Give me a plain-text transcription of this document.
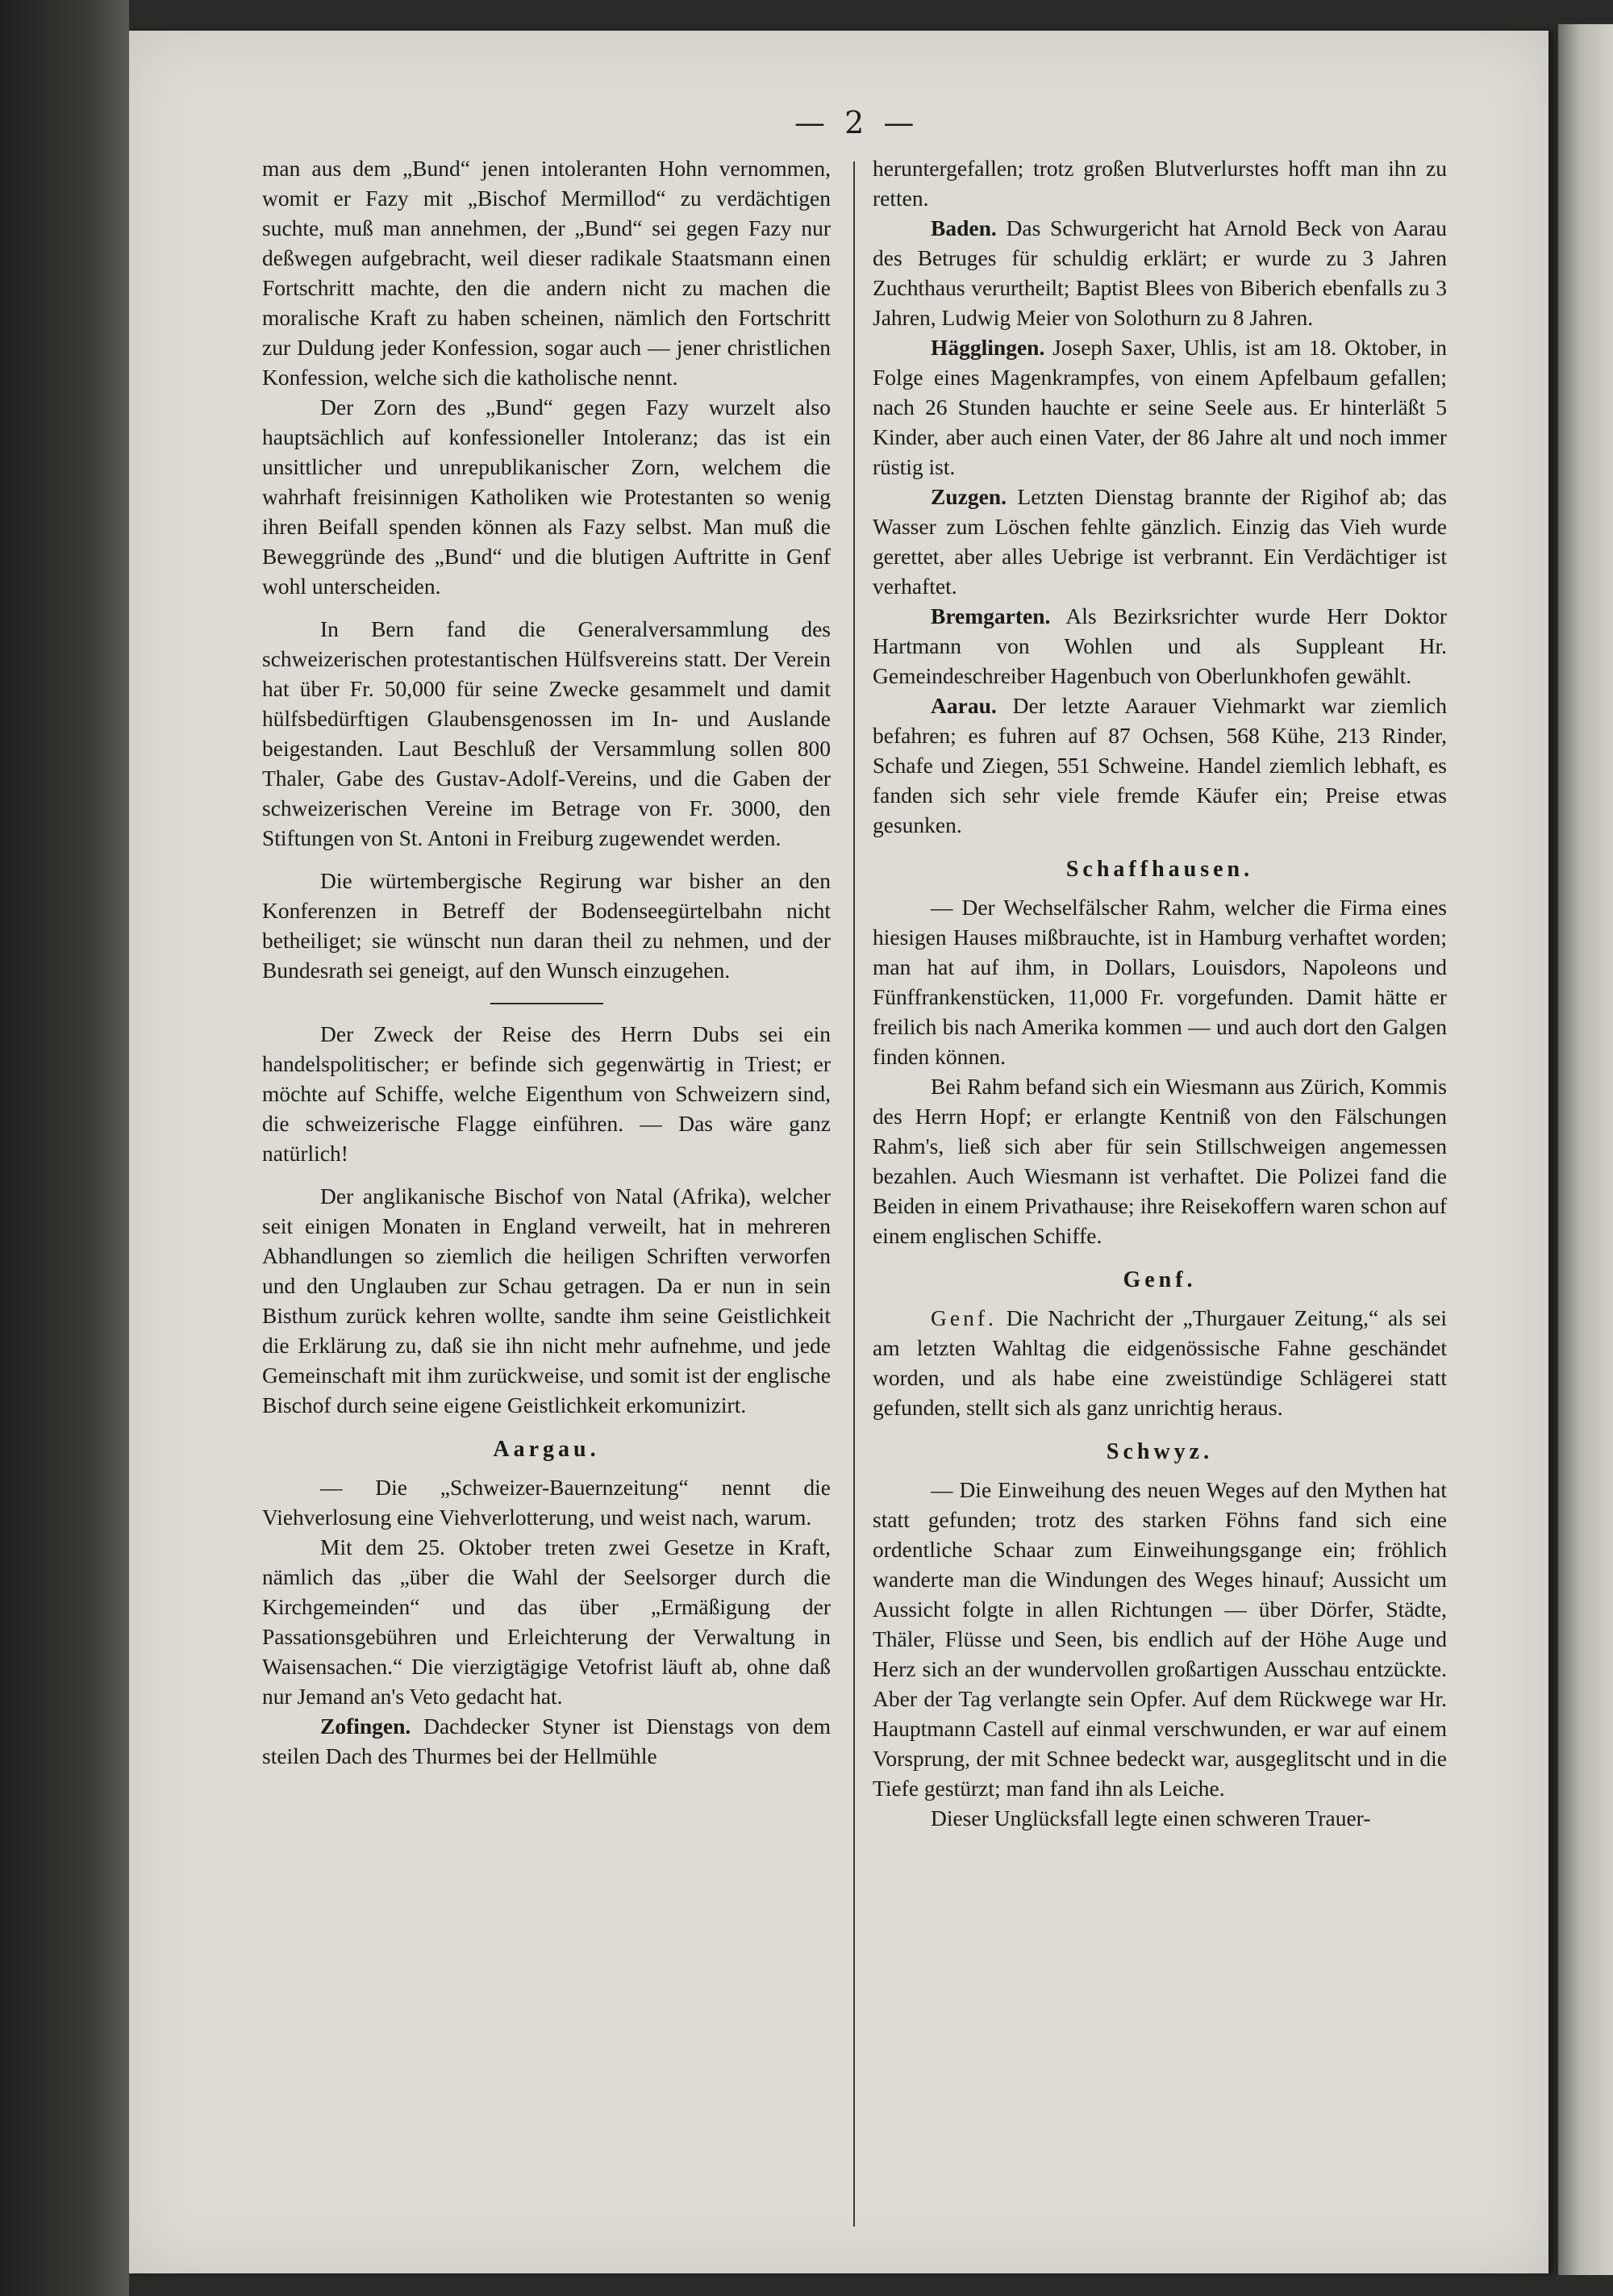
— 2 —

man aus dem „Bund“ jenen intoleranten Hohn vernommen, womit er Fazy mit „Bischof Mermillod“ zu verdächtigen suchte, muß man annehmen, der „Bund“ sei gegen Fazy nur deßwegen aufgebracht, weil dieser radikale Staatsmann einen Fortschritt machte, den die andern nicht zu machen die moralische Kraft zu haben scheinen, nämlich den Fortschritt zur Duldung jeder Konfession, sogar auch — jener christlichen Konfession, welche sich die katholische nennt.

Der Zorn des „Bund“ gegen Fazy wurzelt also hauptsächlich auf konfessioneller Intoleranz; das ist ein unsittlicher und unrepublikanischer Zorn, welchem die wahrhaft freisinnigen Katholiken wie Protestanten so wenig ihren Beifall spenden können als Fazy selbst. Man muß die Beweggründe des „Bund“ und die blutigen Auftritte in Genf wohl unterscheiden.

In Bern fand die Generalversammlung des schweizerischen protestantischen Hülfsvereins statt. Der Verein hat über Fr. 50,000 für seine Zwecke gesammelt und damit hülfsbedürftigen Glaubensgenossen im In- und Auslande beigestanden. Laut Beschluß der Versammlung sollen 800 Thaler, Gabe des Gustav-Adolf-Vereins, und die Gaben der schweizerischen Vereine im Betrage von Fr. 3000, den Stiftungen von St. Antoni in Freiburg zugewendet werden.

Die würtembergische Regirung war bisher an den Konferenzen in Betreff der Bodenseegürtelbahn nicht betheiliget; sie wünscht nun daran theil zu nehmen, und der Bundesrath sei geneigt, auf den Wunsch einzugehen.

Der Zweck der Reise des Herrn Dubs sei ein handelspolitischer; er befinde sich gegenwärtig in Triest; er möchte auf Schiffe, welche Eigenthum von Schweizern sind, die schweizerische Flagge einführen. — Das wäre ganz natürlich!

Der anglikanische Bischof von Natal (Afrika), welcher seit einigen Monaten in England verweilt, hat in mehreren Abhandlungen so ziemlich die heiligen Schriften verworfen und den Unglauben zur Schau getragen. Da er nun in sein Bisthum zurück kehren wollte, sandte ihm seine Geistlichkeit die Erklärung zu, daß sie ihn nicht mehr aufnehme, und jede Gemeinschaft mit ihm zurückweise, und somit ist der englische Bischof durch seine eigene Geistlichkeit erkomunizirt.

Aargau.

— Die „Schweizer-Bauernzeitung“ nennt die Viehverlosung eine Viehverlotterung, und weist nach, warum.

Mit dem 25. Oktober treten zwei Gesetze in Kraft, nämlich das „über die Wahl der Seelsorger durch die Kirchgemeinden“ und das über „Ermäßigung der Passationsgebühren und Erleichterung der Verwaltung in Waisensachen.“ Die vierzigtägige Vetofrist läuft ab, ohne daß nur Jemand an's Veto gedacht hat.

Zofingen. Dachdecker Styner ist Dienstags von dem steilen Dach des Thurmes bei der Hellmühle

heruntergefallen; trotz großen Blutverlurstes hofft man ihn zu retten.

Baden. Das Schwurgericht hat Arnold Beck von Aarau des Betruges für schuldig erklärt; er wurde zu 3 Jahren Zuchthaus verurtheilt; Baptist Blees von Biberich ebenfalls zu 3 Jahren, Ludwig Meier von Solothurn zu 8 Jahren.

Hägglingen. Joseph Saxer, Uhlis, ist am 18. Oktober, in Folge eines Magenkrampfes, von einem Apfelbaum gefallen; nach 26 Stunden hauchte er seine Seele aus. Er hinterläßt 5 Kinder, aber auch einen Vater, der 86 Jahre alt und noch immer rüstig ist.

Zuzgen. Letzten Dienstag brannte der Rigihof ab; das Wasser zum Löschen fehlte gänzlich. Einzig das Vieh wurde gerettet, aber alles Uebrige ist verbrannt. Ein Verdächtiger ist verhaftet.

Bremgarten. Als Bezirksrichter wurde Herr Doktor Hartmann von Wohlen und als Suppleant Hr. Gemeindeschreiber Hagenbuch von Oberlunkhofen gewählt.

Aarau. Der letzte Aarauer Viehmarkt war ziemlich befahren; es fuhren auf 87 Ochsen, 568 Kühe, 213 Rinder, Schafe und Ziegen, 551 Schweine. Handel ziemlich lebhaft, es fanden sich sehr viele fremde Käufer ein; Preise etwas gesunken.

Schaffhausen.

— Der Wechselfälscher Rahm, welcher die Firma eines hiesigen Hauses mißbrauchte, ist in Hamburg verhaftet worden; man hat auf ihm, in Dollars, Louisdors, Napoleons und Fünffrankenstücken, 11,000 Fr. vorgefunden. Damit hätte er freilich bis nach Amerika kommen — und auch dort den Galgen finden können.

Bei Rahm befand sich ein Wiesmann aus Zürich, Kommis des Herrn Hopf; er erlangte Kentniß von den Fälschungen Rahm's, ließ sich aber für sein Stillschweigen angemessen bezahlen. Auch Wiesmann ist verhaftet. Die Polizei fand die Beiden in einem Privathause; ihre Reisekoffern waren schon auf einem englischen Schiffe.

Genf.

Genf. Die Nachricht der „Thurgauer Zeitung,“ als sei am letzten Wahltag die eidgenössische Fahne geschändet worden, und als habe eine zweistündige Schlägerei statt gefunden, stellt sich als ganz unrichtig heraus.

Schwyz.

— Die Einweihung des neuen Weges auf den Mythen hat statt gefunden; trotz des starken Föhns fand sich eine ordentliche Schaar zum Einweihungsgange ein; fröhlich wanderte man die Windungen des Weges hinauf; Aussicht um Aussicht folgte in allen Richtungen — über Dörfer, Städte, Thäler, Flüsse und Seen, bis endlich auf der Höhe Auge und Herz sich an der wundervollen großartigen Ausschau entzückte. Aber der Tag verlangte sein Opfer. Auf dem Rückwege war Hr. Hauptmann Castell auf einmal verschwunden, er war auf einem Vorsprung, der mit Schnee bedeckt war, ausgeglitscht und in die Tiefe gestürzt; man fand ihn als Leiche.

Dieser Unglücksfall legte einen schweren Trauer-
